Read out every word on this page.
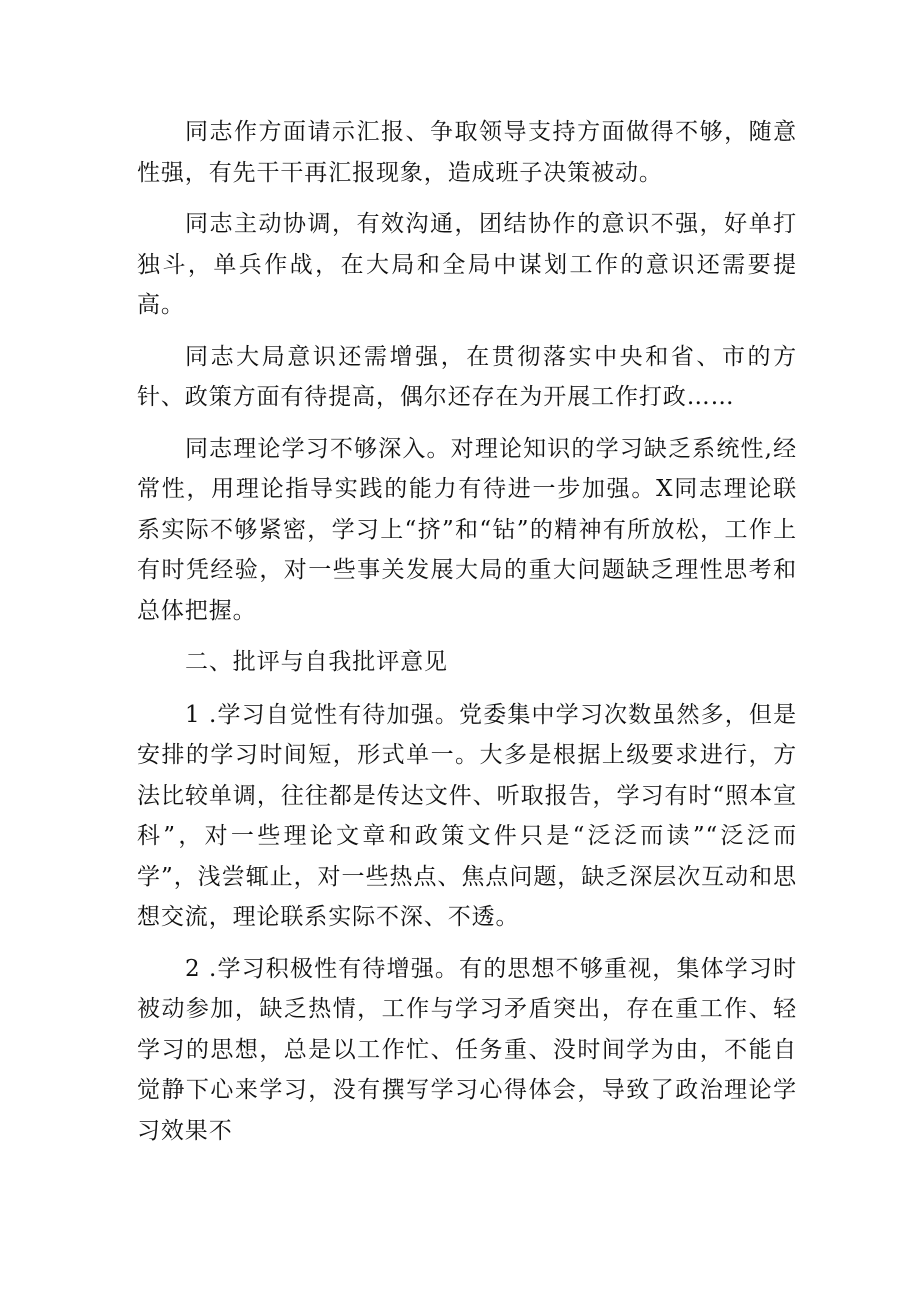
同志作方面请示汇报、争取领导支持方面做得不够，随意性强，有先干干再汇报现象，造成班子决策被动。

同志主动协调，有效沟通，团结协作的意识不强，好单打独斗，单兵作战，在大局和全局中谋划工作的意识还需要提高。

同志大局意识还需增强，在贯彻落实中央和省、市的方针、政策方面有待提高，偶尔还存在为开展工作打政……

同志理论学习不够深入。对理论知识的学习缺乏系统性,经常性，用理论指导实践的能力有待进一步加强。X同志理论联系实际不够紧密，学习上“挤”和“钻”的精神有所放松，工作上有时凭经验，对一些事关发展大局的重大问题缺乏理性思考和总体把握。

二、批评与自我批评意见

1 .学习自觉性有待加强。党委集中学习次数虽然多，但是安排的学习时间短，形式单一。大多是根据上级要求进行，方法比较单调，往往都是传达文件、听取报告，学习有时“照本宣科”，对一些理论文章和政策文件只是“泛泛而读”“泛泛而学”，浅尝辄止，对一些热点、焦点问题，缺乏深层次互动和思想交流，理论联系实际不深、不透。

2 .学习积极性有待增强。有的思想不够重视，集体学习时被动参加，缺乏热情，工作与学习矛盾突出，存在重工作、轻学习的思想，总是以工作忙、任务重、没时间学为由，不能自觉静下心来学习，没有撰写学习心得体会，导致了政治理论学习效果不
